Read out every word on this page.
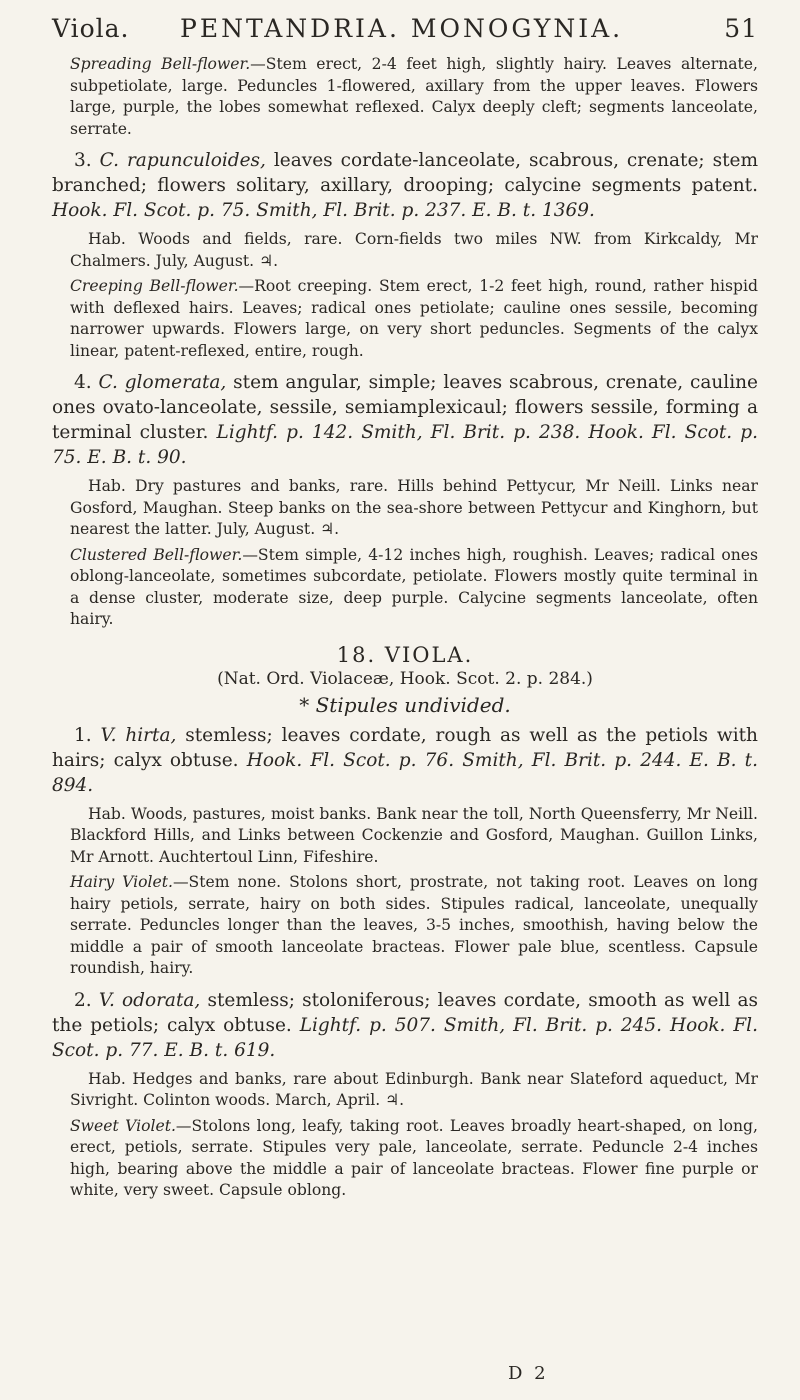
Viola. PENTANDRIA. MONOGYNIA.	51

Spreading Bell-flower.—Stem erect, 2-4 feet high, slightly hairy. Leaves alternate, subpetiolate, large. Peduncles 1-flowered, axillary from the upper leaves. Flowers large, purple, the lobes somewhat reflexed. Calyx deeply cleft; segments lanceolate, serrate.

3. C. rapunculoides, leaves cordate-lanceolate, scabrous, crenate; stem branched; flowers solitary, axillary, drooping; calycine segments patent. Hook. Fl. Scot. p. 75. Smith, Fl. Brit. p. 237. E. B. t. 1369.

Hab. Woods and fields, rare. Corn-fields two miles NW. from Kirkcaldy, Mr Chalmers. July, August. ♃.

Creeping Bell-flower.—Root creeping. Stem erect, 1-2 feet high, round, rather hispid with deflexed hairs. Leaves; radical ones petiolate; cauline ones sessile, becoming narrower upwards. Flowers large, on very short peduncles. Segments of the calyx linear, patent-reflexed, entire, rough.

4. C. glomerata, stem angular, simple; leaves scabrous, crenate, cauline ones ovato-lanceolate, sessile, semiamplexicaul; flowers sessile, forming a terminal cluster. Lightf. p. 142. Smith, Fl. Brit. p. 238. Hook. Fl. Scot. p. 75. E. B. t. 90.

Hab. Dry pastures and banks, rare. Hills behind Pettycur, Mr Neill. Links near Gosford, Maughan. Steep banks on the sea-shore between Pettycur and Kinghorn, but nearest the latter. July, August. ♃.

Clustered Bell-flower.—Stem simple, 4-12 inches high, roughish. Leaves; radical ones oblong-lanceolate, sometimes subcordate, petiolate. Flowers mostly quite terminal in a dense cluster, moderate size, deep purple. Calycine segments lanceolate, often hairy.

18. VIOLA.
(Nat. Ord. Violaceæ, Hook. Scot. 2. p. 284.)
* Stipules undivided.

1. V. hirta, stemless; leaves cordate, rough as well as the petiols with hairs; calyx obtuse. Hook. Fl. Scot. p. 76. Smith, Fl. Brit. p. 244. E. B. t. 894.

Hab. Woods, pastures, moist banks. Bank near the toll, North Queensferry, Mr Neill. Blackford Hills, and Links between Cockenzie and Gosford, Maughan. Guillon Links, Mr Arnott. Auchtertoul Linn, Fifeshire.

Hairy Violet.—Stem none. Stolons short, prostrate, not taking root. Leaves on long hairy petiols, serrate, hairy on both sides. Stipules radical, lanceolate, unequally serrate. Peduncles longer than the leaves, 3-5 inches, smoothish, having below the middle a pair of smooth lanceolate bracteas. Flower pale blue, scentless. Capsule roundish, hairy.

2. V. odorata, stemless; stoloniferous; leaves cordate, smooth as well as the petiols; calyx obtuse. Lightf. p. 507. Smith, Fl. Brit. p. 245. Hook. Fl. Scot. p. 77. E. B. t. 619.

Hab. Hedges and banks, rare about Edinburgh. Bank near Slateford aqueduct, Mr Sivright. Colinton woods. March, April. ♃.

Sweet Violet.—Stolons long, leafy, taking root. Leaves broadly heart-shaped, on long, erect, petiols, serrate. Stipules very pale, lanceolate, serrate. Peduncle 2-4 inches high, bearing above the middle a pair of lanceolate bracteas. Flower fine purple or white, very sweet. Capsule oblong.

D 2
